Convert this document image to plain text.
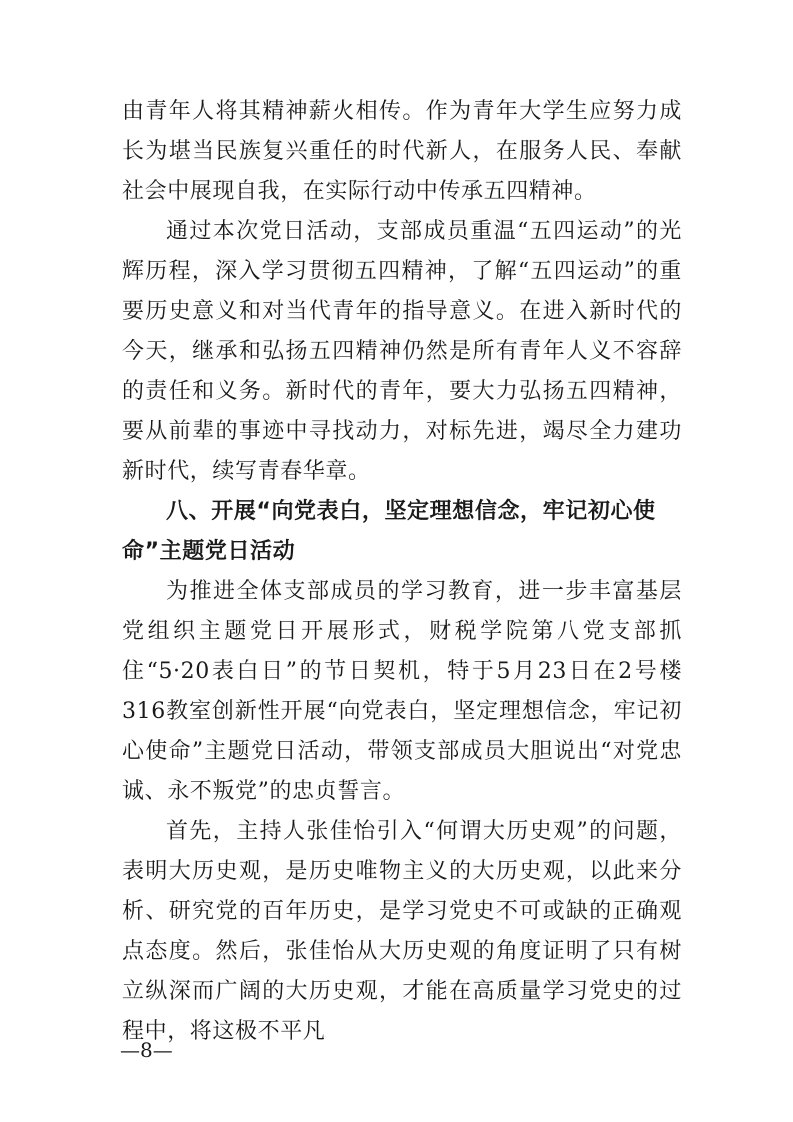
由青年人将其精神薪火相传。作为青年大学生应努力成长为堪当民族复兴重任的时代新人，在服务人民、奉献社会中展现自我，在实际行动中传承五四精神。

通过本次党日活动，支部成员重温“五四运动”的光辉历程，深入学习贯彻五四精神，了解“五四运动”的重要历史意义和对当代青年的指导意义。在进入新时代的今天，继承和弘扬五四精神仍然是所有青年人义不容辞的责任和义务。新时代的青年，要大力弘扬五四精神，要从前辈的事迹中寻找动力，对标先进，竭尽全力建功新时代，续写青春华章。

八、开展“向党表白，坚定理想信念，牢记初心使命”主题党日活动

为推进全体支部成员的学习教育，进一步丰富基层党组织主题党日开展形式，财税学院第八党支部抓住“5·20表白日”的节日契机，特于5月23日在2号楼316教室创新性开展“向党表白，坚定理想信念，牢记初心使命”主题党日活动，带领支部成员大胆说出“对党忠诚、永不叛党”的忠贞誓言。

首先，主持人张佳怡引入“何谓大历史观”的问题，表明大历史观，是历史唯物主义的大历史观，以此来分析、研究党的百年历史，是学习党史不可或缺的正确观点态度。然后，张佳怡从大历史观的角度证明了只有树立纵深而广阔的大历史观，才能在高质量学习党史的过程中，将这极不平凡

—8—
